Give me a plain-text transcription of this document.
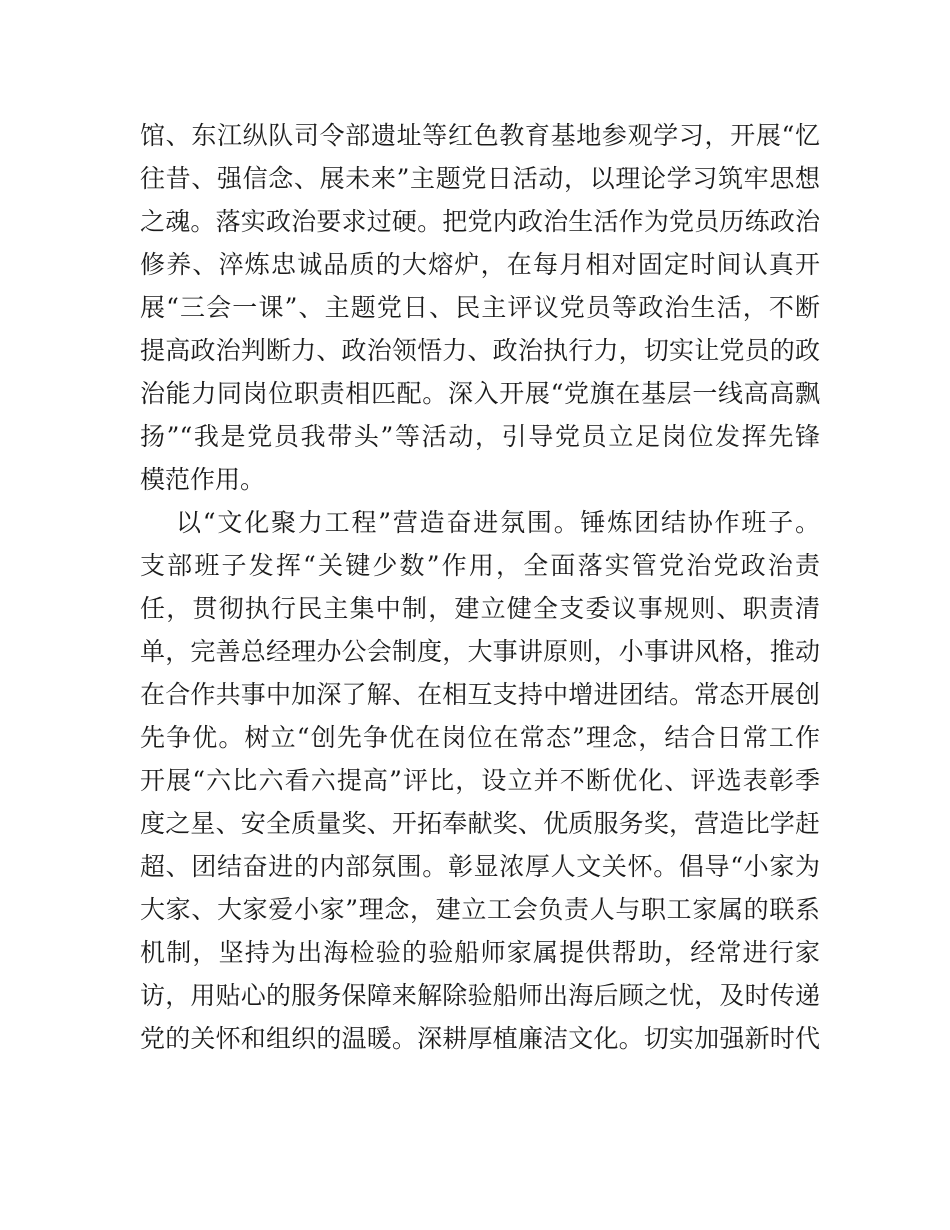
馆、东江纵队司令部遗址等红色教育基地参观学习，开展“忆
往昔、强信念、展未来”主题党日活动，以理论学习筑牢思想
之魂。落实政治要求过硬。把党内政治生活作为党员历练政治
修养、淬炼忠诚品质的大熔炉，在每月相对固定时间认真开
展“三会一课”、主题党日、民主评议党员等政治生活，不断
提高政治判断力、政治领悟力、政治执行力，切实让党员的政
治能力同岗位职责相匹配。深入开展“党旗在基层一线高高飘
扬”“我是党员我带头”等活动，引导党员立足岗位发挥先锋
模范作用。
以“文化聚力工程”营造奋进氛围。锤炼团结协作班子。
支部班子发挥“关键少数”作用，全面落实管党治党政治责
任，贯彻执行民主集中制，建立健全支委议事规则、职责清
单，完善总经理办公会制度，大事讲原则，小事讲风格，推动
在合作共事中加深了解、在相互支持中增进团结。常态开展创
先争优。树立“创先争优在岗位在常态”理念，结合日常工作
开展“六比六看六提高”评比，设立并不断优化、评选表彰季
度之星、安全质量奖、开拓奉献奖、优质服务奖，营造比学赶
超、团结奋进的内部氛围。彰显浓厚人文关怀。倡导“小家为
大家、大家爱小家”理念，建立工会负责人与职工家属的联系
机制，坚持为出海检验的验船师家属提供帮助，经常进行家
访，用贴心的服务保障来解除验船师出海后顾之忧，及时传递
党的关怀和组织的温暖。深耕厚植廉洁文化。切实加强新时代
